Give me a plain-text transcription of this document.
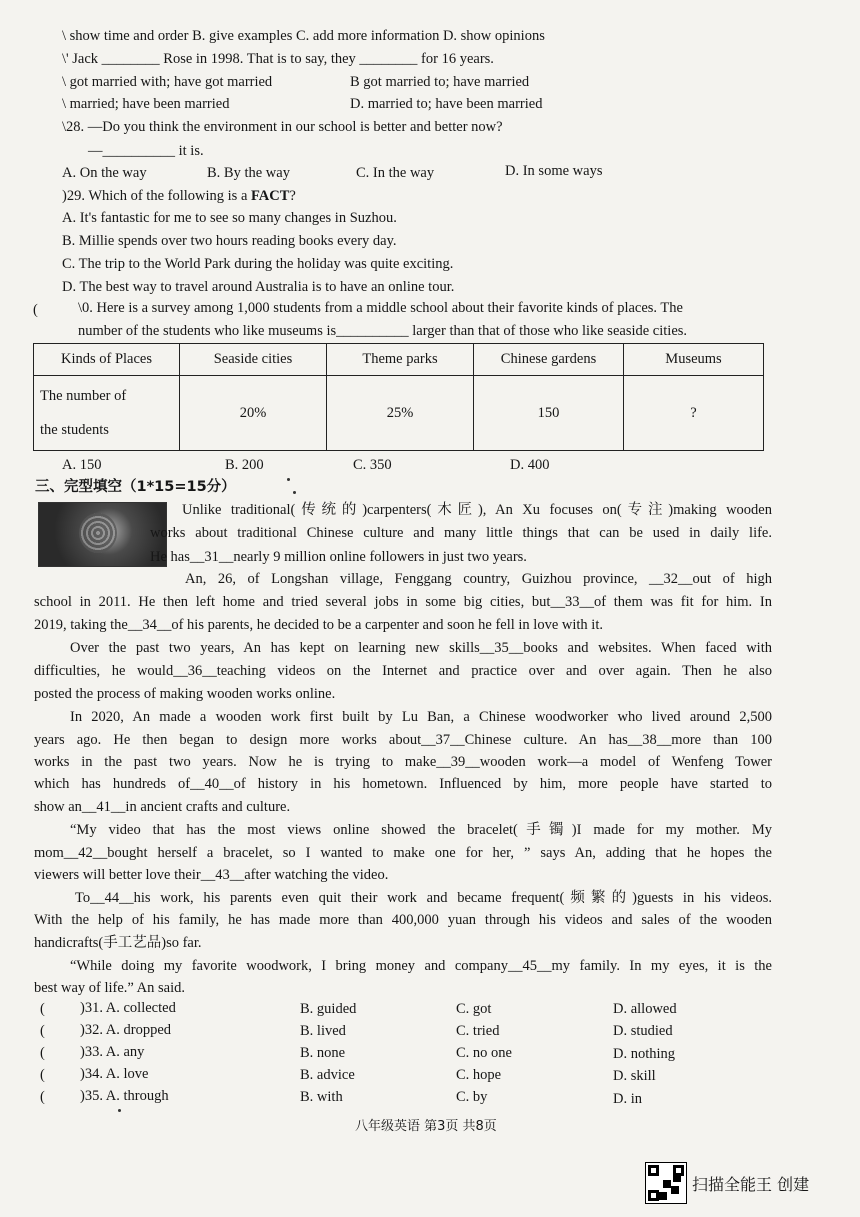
\ show time and order B. give examples C. add more information D. show opinions
\' Jack ________ Rose in 1998. That is to say, they ________ for 16 years.
\ got married with; have got married	B got married to; have married
\ married; have been married	D. married to; have been married
\28. —Do you think the environment in our school is better and better now?
—__________ it is.
A. On the way	B. By the way	C. In the way	D. In some ways
)29. Which of the following is a FACT?
A. It's fantastic for me to see so many changes in Suzhou.
B. Millie spends over two hours reading books every day.
C. The trip to the World Park during the holiday was quite exciting.
D. The best way to travel around Australia is to have an online tour.
(	\0. Here is a survey among 1,000 students from a middle school about their favorite kinds of places. The
number of the students who like museums is__________ larger than that of those who like seaside cities.
Kinds of Places	Seaside cities	Theme parks	Chinese gardens	Museums
The number of
the students	20%	25%	150	?
A. 150	B. 200	C. 350	D. 400
三、完型填空（1*15=15分）
Unlike traditional(传统的)carpenters(木匠), An Xu focuses on(专注)making wooden
works about traditional Chinese culture and many little things that can be used in daily life.
He has__31__nearly 9 million online followers in just two years.
An, 26, of Longshan village, Fenggang country, Guizhou province, __32__out of high
school in 2011. He then left home and tried several jobs in some big cities, but__33__of them was fit for him. In
2019, taking the__34__of his parents, he decided to be a carpenter and soon he fell in love with it.
Over the past two years, An has kept on learning new skills__35__books and websites. When faced with
difficulties, he would__36__teaching videos on the Internet and practice over and over again. Then he also
posted the process of making wooden works online.
In 2020, An made a wooden work first built by Lu Ban, a Chinese woodworker who lived around 2,500
years ago. He then began to design more works about__37__Chinese culture. An has__38__more than 100
works in the past two years. Now he is trying to make__39__wooden work—a model of Wenfeng Tower
which has hundreds of__40__of history in his hometown. Influenced by him, more people have started to
show an__41__in ancient crafts and culture.
“My video that has the most views online showed the bracelet(手镯)I made for my mother. My
mom__42__bought herself a bracelet, so I wanted to make one for her, ” says An, adding that he hopes the
viewers will better love their__43__after watching the video.
To__44__his work, his parents even quit their work and became frequent(频繁的)guests in his videos.
With the help of his family, he has made more than 400,000 yuan through his videos and sales of the wooden
handicrafts(手工艺品)so far.
“While doing my favorite woodwork, I bring money and company__45__my family. In my eyes, it is the
best way of life.” An said.
( )31. A. collected	B. guided	C. got	D. allowed
( )32. A. dropped	B. lived	C. tried	D. studied
( )33. A. any	B. none	C. no one	D. nothing
( )34. A. love	B. advice	C. hope	D. skill
( )35. A. through	B. with	C. by	D. in
八年级英语 第3页 共8页
扫描全能王 创建
